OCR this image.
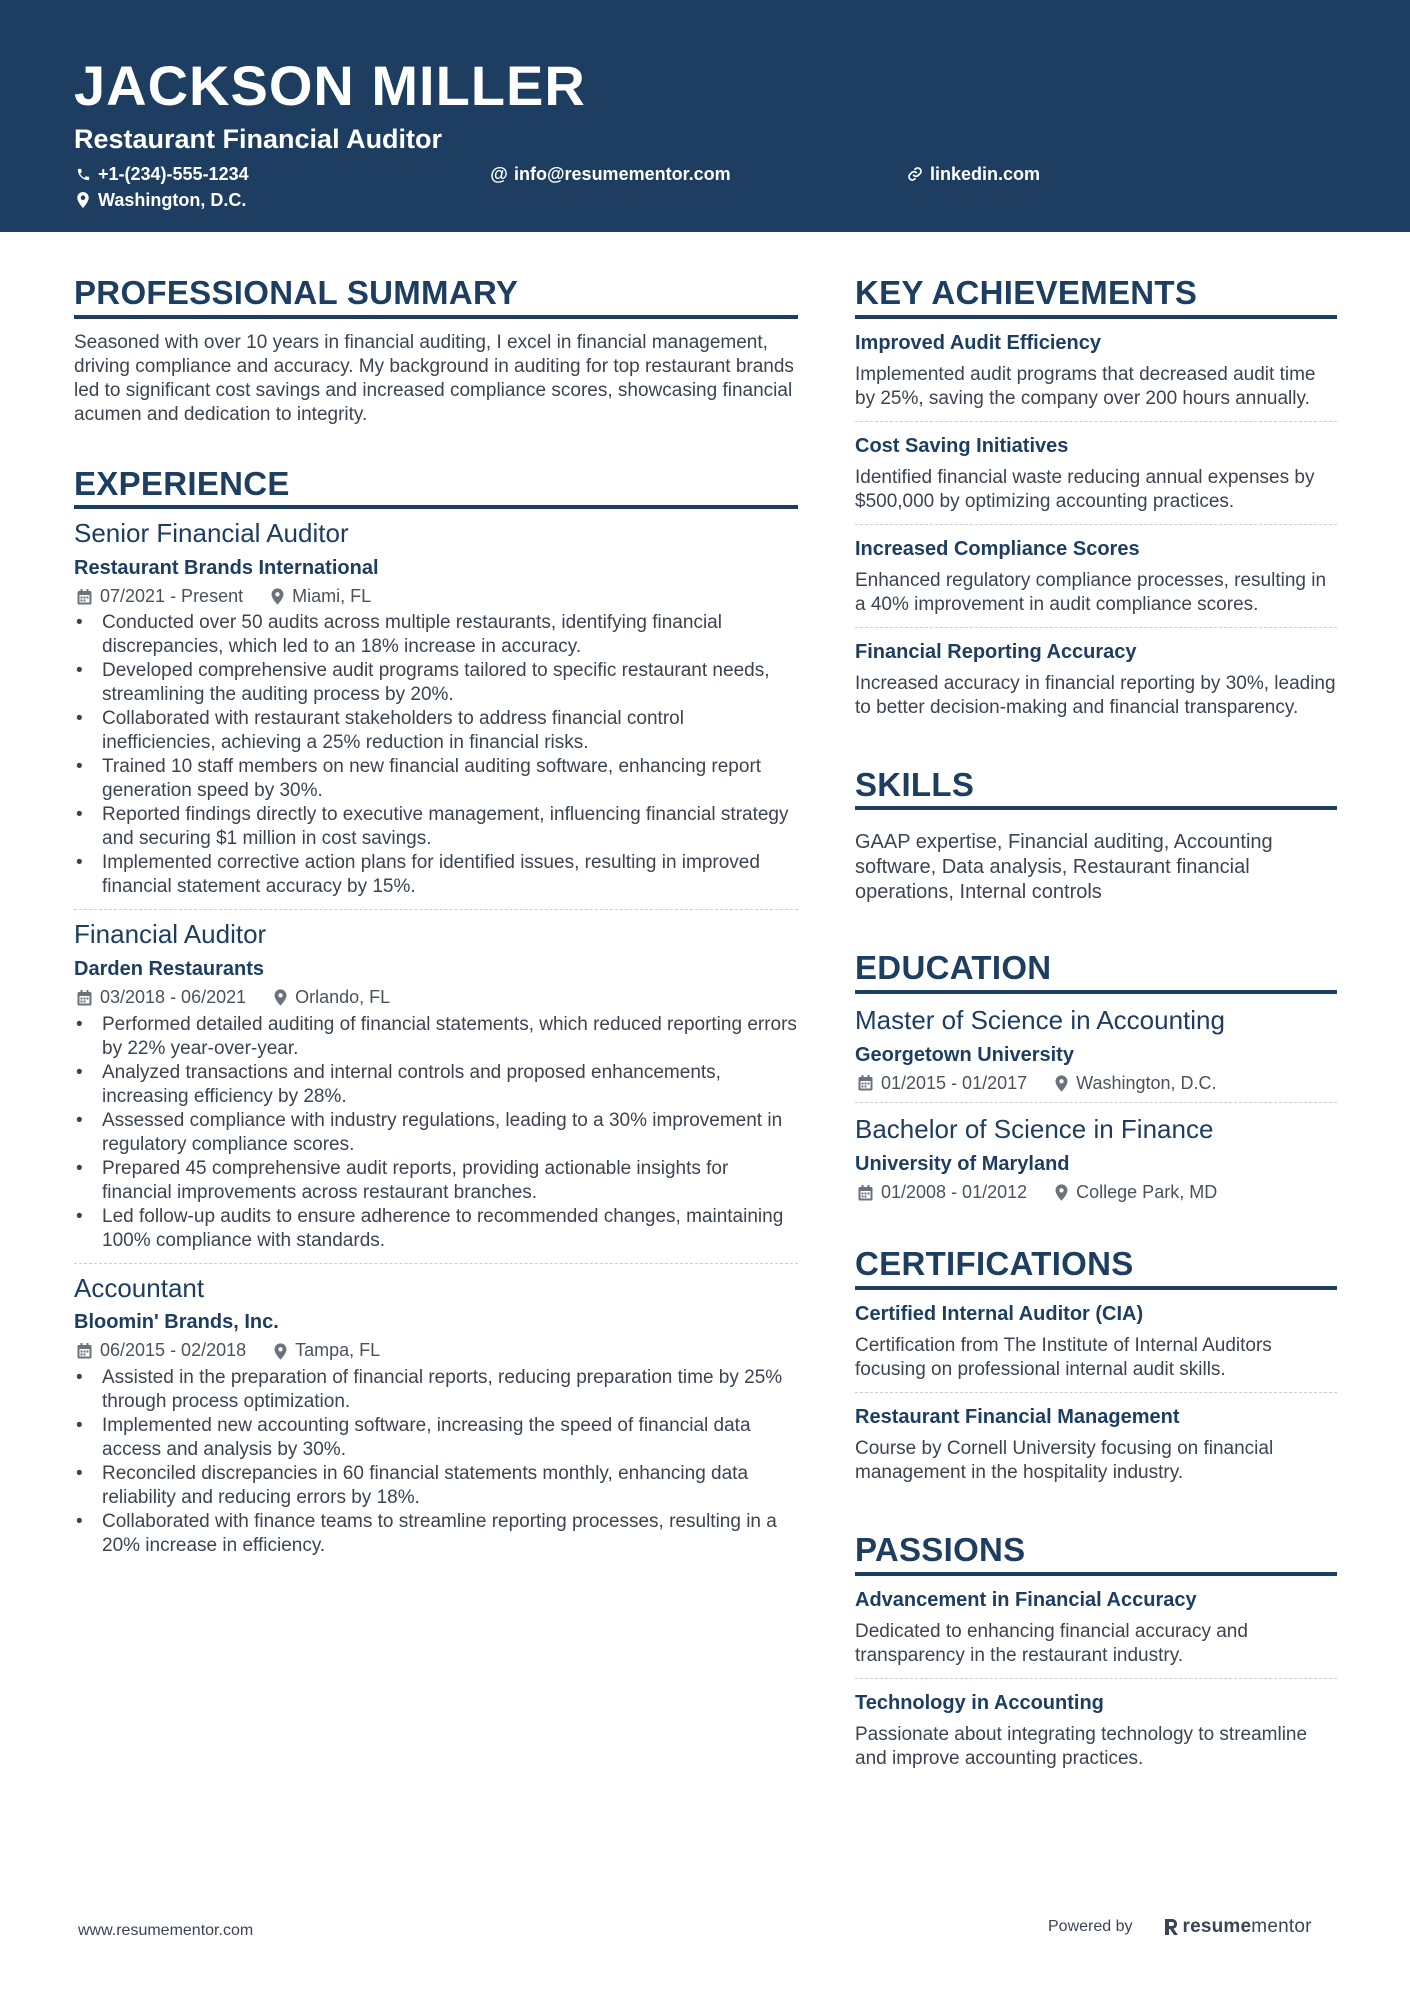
JACKSON MILLER
Restaurant Financial Auditor
+1-(234)-555-1234	@ info@resumementor.com	linkedin.com
Washington, D.C.
PROFESSIONAL SUMMARY
Seasoned with over 10 years in financial auditing, I excel in financial management, driving compliance and accuracy. My background in auditing for top restaurant brands led to significant cost savings and increased compliance scores, showcasing financial acumen and dedication to integrity.
EXPERIENCE
Senior Financial Auditor
Restaurant Brands International
07/2021 - Present	Miami, FL
• Conducted over 50 audits across multiple restaurants, identifying financial discrepancies, which led to an 18% increase in accuracy.
• Developed comprehensive audit programs tailored to specific restaurant needs, streamlining the auditing process by 20%.
• Collaborated with restaurant stakeholders to address financial control inefficiencies, achieving a 25% reduction in financial risks.
• Trained 10 staff members on new financial auditing software, enhancing report generation speed by 30%.
• Reported findings directly to executive management, influencing financial strategy and securing $1 million in cost savings.
• Implemented corrective action plans for identified issues, resulting in improved financial statement accuracy by 15%.
Financial Auditor
Darden Restaurants
03/2018 - 06/2021	Orlando, FL
• Performed detailed auditing of financial statements, which reduced reporting errors by 22% year-over-year.
• Analyzed transactions and internal controls and proposed enhancements, increasing efficiency by 28%.
• Assessed compliance with industry regulations, leading to a 30% improvement in regulatory compliance scores.
• Prepared 45 comprehensive audit reports, providing actionable insights for financial improvements across restaurant branches.
• Led follow-up audits to ensure adherence to recommended changes, maintaining 100% compliance with standards.
Accountant
Bloomin' Brands, Inc.
06/2015 - 02/2018	Tampa, FL
• Assisted in the preparation of financial reports, reducing preparation time by 25% through process optimization.
• Implemented new accounting software, increasing the speed of financial data access and analysis by 30%.
• Reconciled discrepancies in 60 financial statements monthly, enhancing data reliability and reducing errors by 18%.
• Collaborated with finance teams to streamline reporting processes, resulting in a 20% increase in efficiency.
KEY ACHIEVEMENTS
Improved Audit Efficiency
Implemented audit programs that decreased audit time by 25%, saving the company over 200 hours annually.
Cost Saving Initiatives
Identified financial waste reducing annual expenses by $500,000 by optimizing accounting practices.
Increased Compliance Scores
Enhanced regulatory compliance processes, resulting in a 40% improvement in audit compliance scores.
Financial Reporting Accuracy
Increased accuracy in financial reporting by 30%, leading to better decision-making and financial transparency.
SKILLS
GAAP expertise, Financial auditing, Accounting software, Data analysis, Restaurant financial operations, Internal controls
EDUCATION
Master of Science in Accounting
Georgetown University
01/2015 - 01/2017	Washington, D.C.
Bachelor of Science in Finance
University of Maryland
01/2008 - 01/2012	College Park, MD
CERTIFICATIONS
Certified Internal Auditor (CIA)
Certification from The Institute of Internal Auditors focusing on professional internal audit skills.
Restaurant Financial Management
Course by Cornell University focusing on financial management in the hospitality industry.
PASSIONS
Advancement in Financial Accuracy
Dedicated to enhancing financial accuracy and transparency in the restaurant industry.
Technology in Accounting
Passionate about integrating technology to streamline and improve accounting practices.
www.resumementor.com	Powered by	resume mentor
